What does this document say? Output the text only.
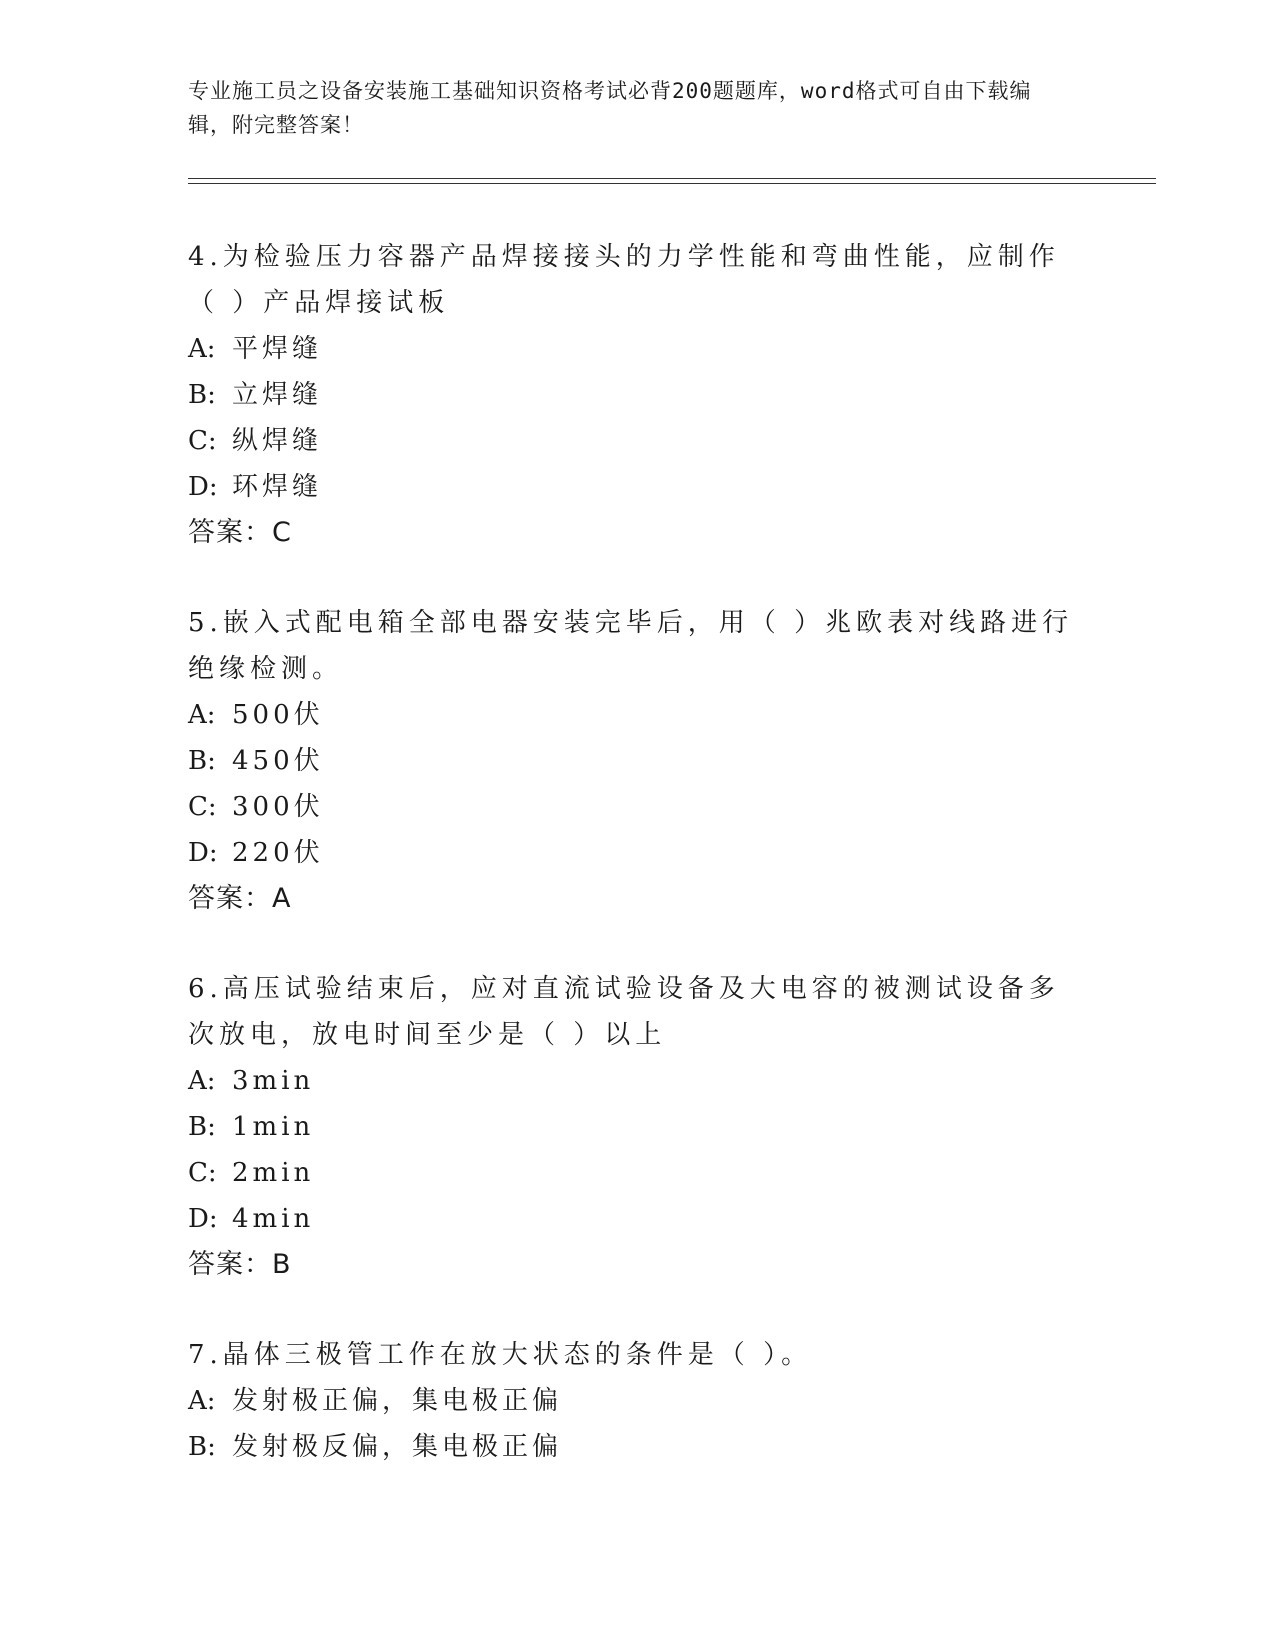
专业施工员之设备安装施工基础知识资格考试必背200题题库，word格式可自由下载编辑，附完整答案！

4.为检验压力容器产品焊接接头的力学性能和弯曲性能，应制作（ ）产品焊接试板

A: 平焊缝
B: 立焊缝
C: 纵焊缝
D: 环焊缝
答案：C

5.嵌入式配电箱全部电器安装完毕后，用（ ）兆欧表对线路进行绝缘检测。

A: 500伏
B: 450伏
C: 300伏
D: 220伏
答案：A

6.高压试验结束后，应对直流试验设备及大电容的被测试设备多次放电，放电时间至少是（ ）以上

A: 3min
B: 1min
C: 2min
D: 4min
答案：B

7.晶体三极管工作在放大状态的条件是（ ）。

A: 发射极正偏，集电极正偏
B: 发射极反偏，集电极正偏
